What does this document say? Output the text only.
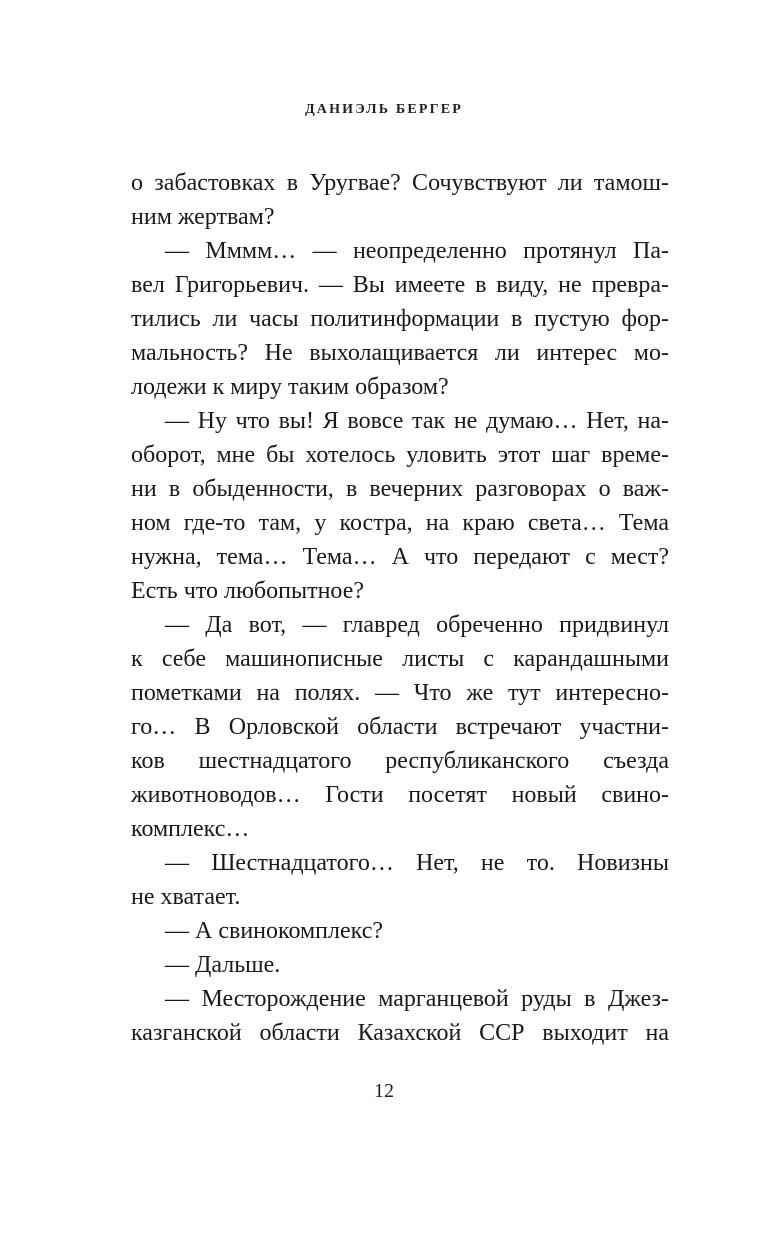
ДАНИЭЛЬ БЕРГЕР
о забастовках в Уругвае? Сочувствуют ли тамош-
ним жертвам?
— Мммм… — неопределенно протянул Па-
вел Григорьевич. — Вы имеете в виду, не превра-
тились ли часы политинформации в пустую фор-
мальность? Не выхолащивается ли интерес мо-
лодежи к миру таким образом?
— Ну что вы! Я вовсе так не думаю… Нет, на-
оборот, мне бы хотелось уловить этот шаг време-
ни в обыденности, в вечерних разговорах о важ-
ном где-то там, у костра, на краю света… Тема
нужна, тема… Тема… А что передают с мест?
Есть что любопытное?
— Да вот, — главред обреченно придвинул
к себе машинописные листы с карандашными
пометками на полях. — Что же тут интересно-
го… В Орловской области встречают участни-
ков шестнадцатого республиканского съезда
животноводов… Гости посетят новый свино-
комплекс…
— Шестнадцатого… Нет, не то. Новизны
не хватает.
— А свинокомплекс?
— Дальше.
— Месторождение марганцевой руды в Джез-
казганской области Казахской ССР выходит на
12
